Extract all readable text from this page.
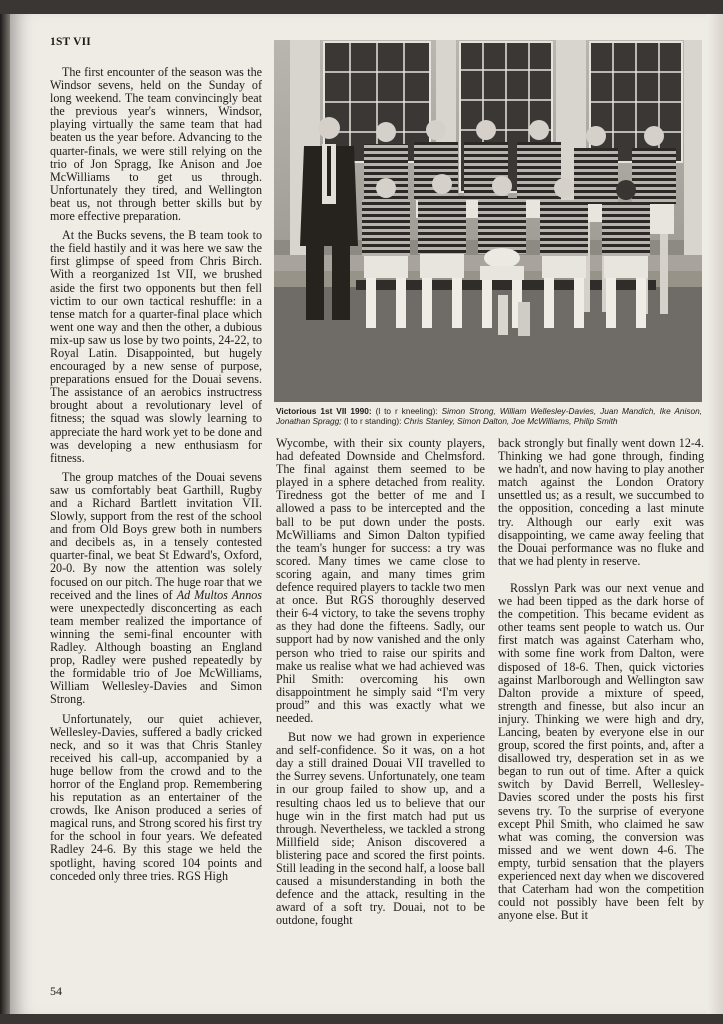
1ST VII

The first encounter of the season was the Windsor sevens, held on the Sunday of long weekend. The team convincingly beat the previous year's winners, Windsor, playing virtually the same team that had beaten us the year before. Advancing to the quarter-finals, we were still relying on the trio of Jon Spragg, Ike Anison and Joe McWilliams to get us through. Unfortunately they tired, and Wellington beat us, not through better skills but by more effective preparation.

At the Bucks sevens, the B team took to the field hastily and it was here we saw the first glimpse of speed from Chris Birch. With a reorganized 1st VII, we brushed aside the first two opponents but then fell victim to our own tactical reshuffle: in a tense match for a quarter-final place which went one way and then the other, a dubious mix-up saw us lose by two points, 24-22, to Royal Latin. Disappointed, but hugely encouraged by a new sense of purpose, preparations ensued for the Douai sevens. The assistance of an aerobics instructress brought about a revolutionary level of fitness; the squad was slowly learning to appreciate the hard work yet to be done and was developing a new enthusiasm for fitness.

The group matches of the Douai sevens saw us comfortably beat Garthill, Rugby and a Richard Bartlett invitation VII. Slowly, support from the rest of the school and from Old Boys grew both in numbers and decibels as, in a tensely contested quarter-final, we beat St Edward's, Oxford, 20-0. By now the attention was solely focused on our pitch. The huge roar that we received and the lines of Ad Multos Annos were unexpectedly disconcerting as each team member realized the importance of winning the semi-final encounter with Radley. Although boasting an England prop, Radley were pushed repeatedly by the formidable trio of Joe McWilliams, William Wellesley-Davies and Simon Strong.

Unfortunately, our quiet achiever, Wellesley-Davies, suffered a badly cricked neck, and so it was that Chris Stanley received his call-up, accompanied by a huge bellow from the crowd and to the horror of the England prop. Remembering his reputation as an entertainer of the crowds, Ike Anison produced a series of magical runs, and Strong scored his first try for the school in four years. We defeated Radley 24-6. By this stage we held the spotlight, having scored 104 points and conceded only three tries. RGS High

Victorious 1st VII 1990: (l to r kneeling): Simon Strong, William Wellesley-Davies, Juan Mandich, Ike Anison, Jonathan Spragg; (l to r standing): Chris Stanley, Simon Dalton, Joe McWilliams, Philip Smith

Wycombe, with their six county players, had defeated Downside and Chelmsford. The final against them seemed to be played in a sphere detached from reality. Tiredness got the better of me and I allowed a pass to be intercepted and the ball to be put down under the posts. McWilliams and Simon Dalton typified the team's hunger for success: a try was scored. Many times we came close to scoring again, and many times grim defence required players to tackle two men at once. But RGS thoroughly deserved their 6-4 victory, to take the sevens trophy as they had done the fifteens. Sadly, our support had by now vanished and the only person who tried to raise our spirits and make us realise what we had achieved was Phil Smith: overcoming his own disappointment he simply said “I'm very proud” and this was exactly what we needed.

But now we had grown in experience and self-confidence. So it was, on a hot day a still drained Douai VII travelled to the Surrey sevens. Unfortunately, one team in our group failed to show up, and a resulting chaos led us to believe that our huge win in the first match had put us through. Nevertheless, we tackled a strong Millfield side; Anison discovered a blistering pace and scored the first points. Still leading in the second half, a loose ball caused a misunderstanding in both the defence and the attack, resulting in the award of a soft try. Douai, not to be outdone, fought

back strongly but finally went down 12-4. Thinking we had gone through, finding we hadn't, and now having to play another match against the London Oratory unsettled us; as a result, we succumbed to the opposition, conceding a last minute try. Although our early exit was disappointing, we came away feeling that the Douai performance was no fluke and that we had plenty in reserve.

Rosslyn Park was our next venue and we had been tipped as the dark horse of the competition. This became evident as other teams sent people to watch us. Our first match was against Caterham who, with some fine work from Dalton, were disposed of 18-6. Then, quick victories against Marlborough and Wellington saw Dalton provide a mixture of speed, strength and finesse, but also incur an injury. Thinking we were high and dry, Lancing, beaten by everyone else in our group, scored the first points, and, after a disallowed try, desperation set in as we began to run out of time. After a quick switch by David Berrell, Wellesley-Davies scored under the posts his first sevens try. To the surprise of everyone except Phil Smith, who claimed he saw what was coming, the conversion was missed and we went down 4-6. The empty, turbid sensation that the players experienced next day when we discovered that Caterham had won the competition could not possibly have been felt by anyone else. But it

54
